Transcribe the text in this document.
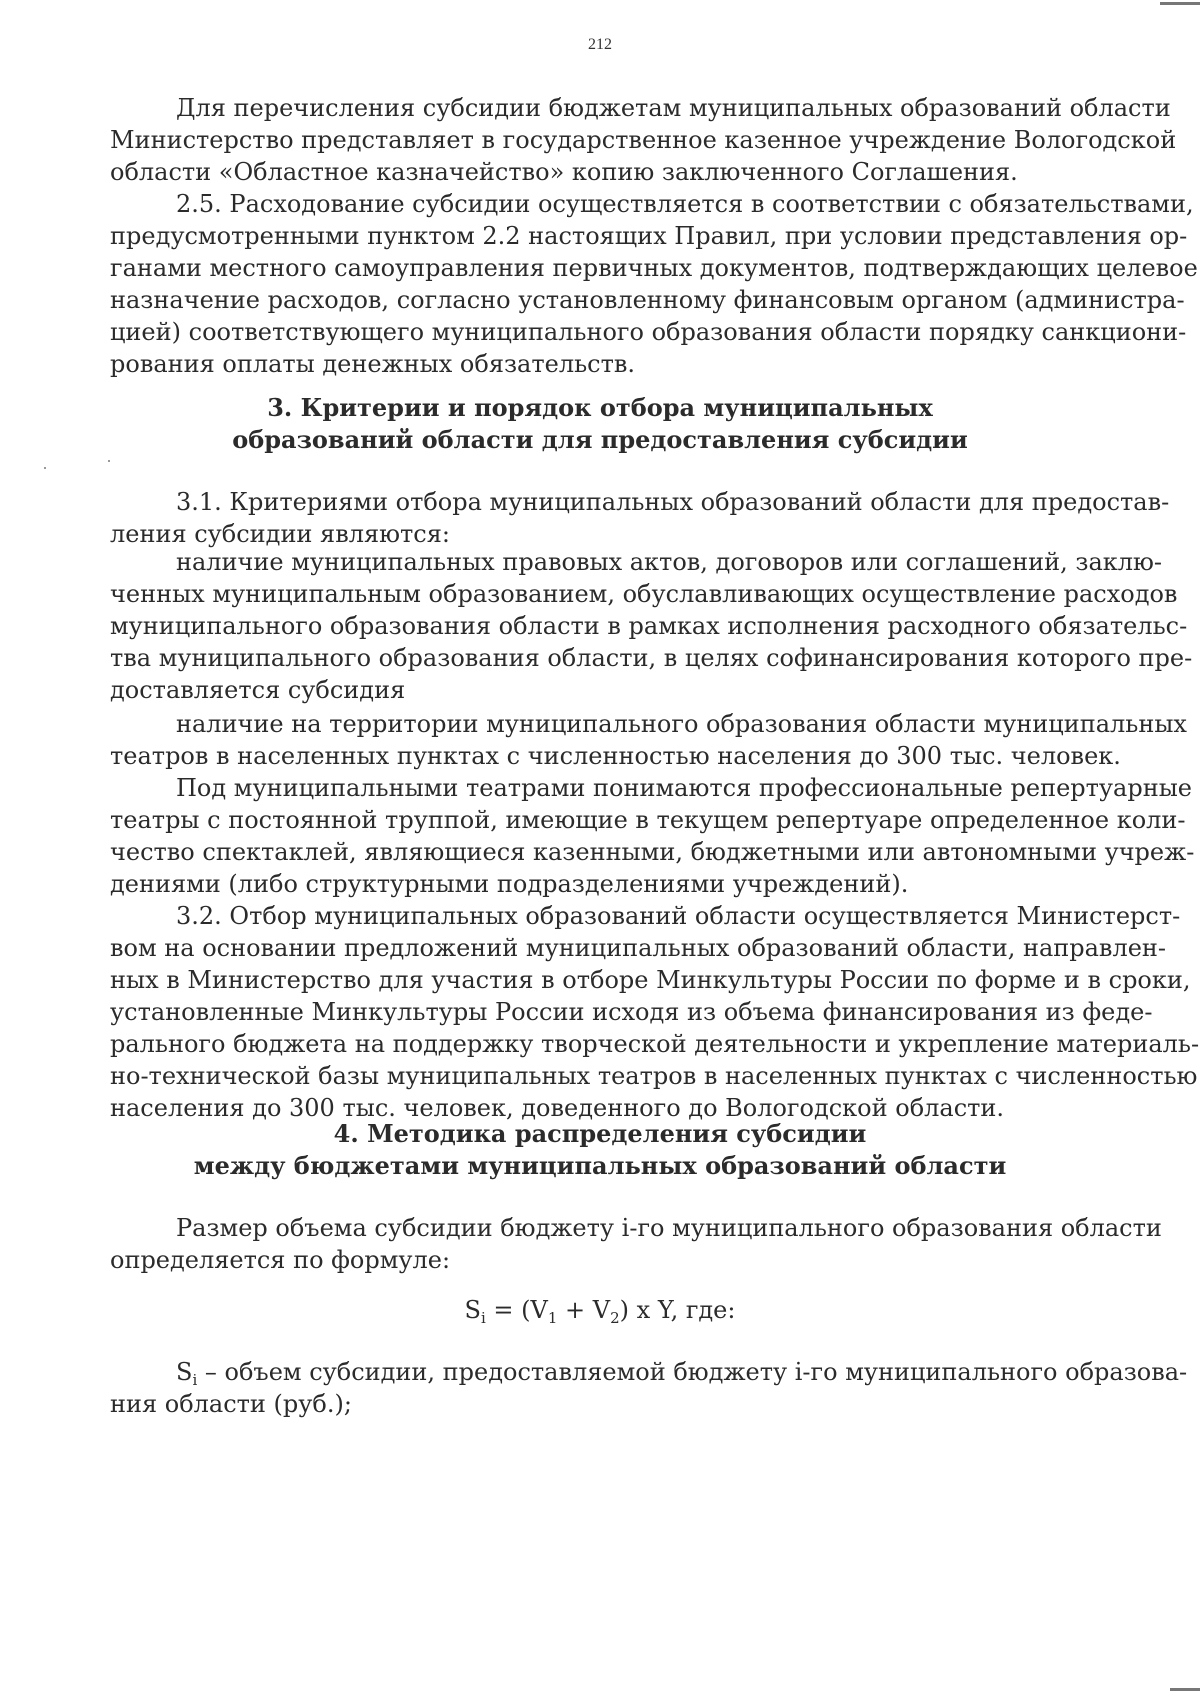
212
Для перечисления субсидии бюджетам муниципальных образований области
Министерство представляет в государственное казенное учреждение Вологодской
области «Областное казначейство» копию заключенного Соглашения.
2.5. Расходование субсидии осуществляется в соответствии с обязательствами,
предусмотренными пунктом 2.2 настоящих Правил, при условии представления ор-
ганами местного самоуправления первичных документов, подтверждающих целевое
назначение расходов, согласно установленному финансовым органом (администра-
цией) соответствующего муниципального образования области порядку санкциони-
рования оплаты денежных обязательств.
3. Критерии и порядок отбора муниципальных
образований области для предоставления субсидии
3.1. Критериями отбора муниципальных образований области для предостав-
ления субсидии являются:
наличие муниципальных правовых актов, договоров или соглашений, заклю-
ченных муниципальным образованием, обуславливающих осуществление расходов
муниципального образования области в рамках исполнения расходного обязательс-
тва муниципального образования области, в целях софинансирования которого пре-
доставляется субсидия
наличие на территории муниципального образования области муниципальных
театров в населенных пунктах с численностью населения до 300 тыс. человек.
Под муниципальными театрами понимаются профессиональные репертуарные
театры с постоянной труппой, имеющие в текущем репертуаре определенное коли-
чество спектаклей, являющиеся казенными, бюджетными или автономными учреж-
дениями (либо структурными подразделениями учреждений).
3.2. Отбор муниципальных образований области осуществляется Министерст-
вом на основании предложений муниципальных образований области, направлен-
ных в Министерство для участия в отборе Минкультуры России по форме и в сроки,
установленные Минкультуры России исходя из объема финансирования из феде-
рального бюджета на поддержку творческой деятельности и укрепление материаль-
но-технической базы муниципальных театров в населенных пунктах с численностью
населения до 300 тыс. человек, доведенного до Вологодской области.
4. Методика распределения субсидии
между бюджетами муниципальных образований области
Размер объема субсидии бюджету i-го муниципального образования области
определяется по формуле:
$S_i = (V_1 + V_2)$ x Y, где:
$S_i$ – объем субсидии, предоставляемой бюджету i-го муниципального образова-
ния области (руб.);
